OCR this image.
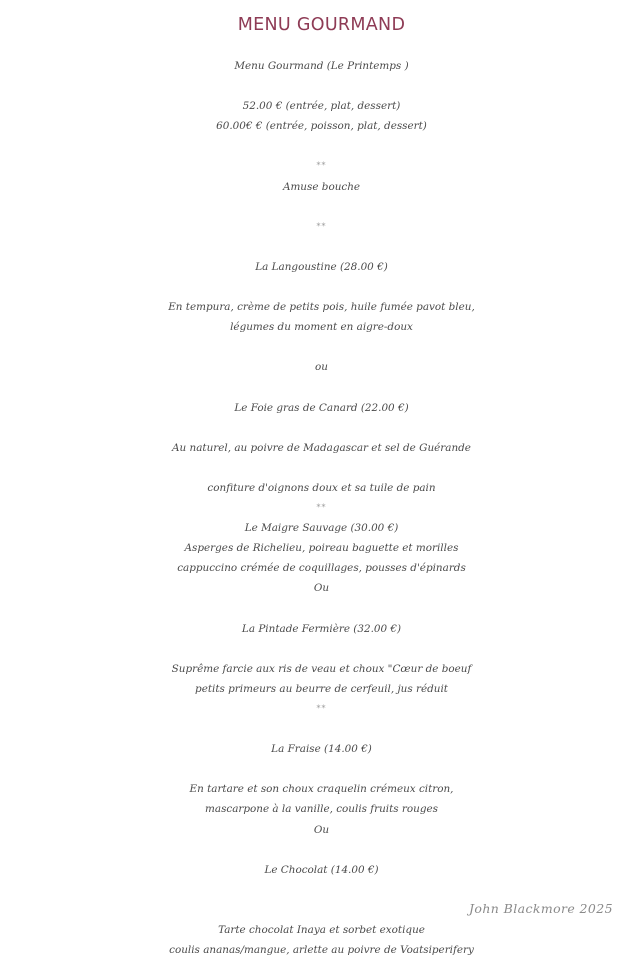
MENU GOURMAND
Menu Gourmand (Le Printemps )
52.00 € (entrée, plat, dessert)
60.00€ € (entrée, poisson, plat, dessert)
**
Amuse bouche
**
La Langoustine (28.00 €)
En tempura, crème de petits pois, huile fumée pavot bleu,
légumes du moment en aigre-doux
ou
Le Foie gras de Canard (22.00 €)
Au naturel, au poivre de Madagascar et sel de Guérande
confiture d'oignons doux et sa tuile de pain
**
Le Maigre Sauvage (30.00 €)
Asperges de Richelieu, poireau baguette et morilles
cappuccino crémée de coquillages, pousses d'épinards
Ou
La Pintade Fermière (32.00 €)
Suprême farcie aux ris de veau et choux "Cœur de boeuf
petits primeurs au beurre de cerfeuil, jus réduit
**
La Fraise (14.00 €)
En tartare et son choux craquelin crémeux citron,
mascarpone à la vanille, coulis fruits rouges
Ou
Le Chocolat (14.00 €)
Tarte chocolat Inaya et sorbet exotique
coulis ananas/mangue, arlette au poivre de Voatsiperifery
John Blackmore 2025
